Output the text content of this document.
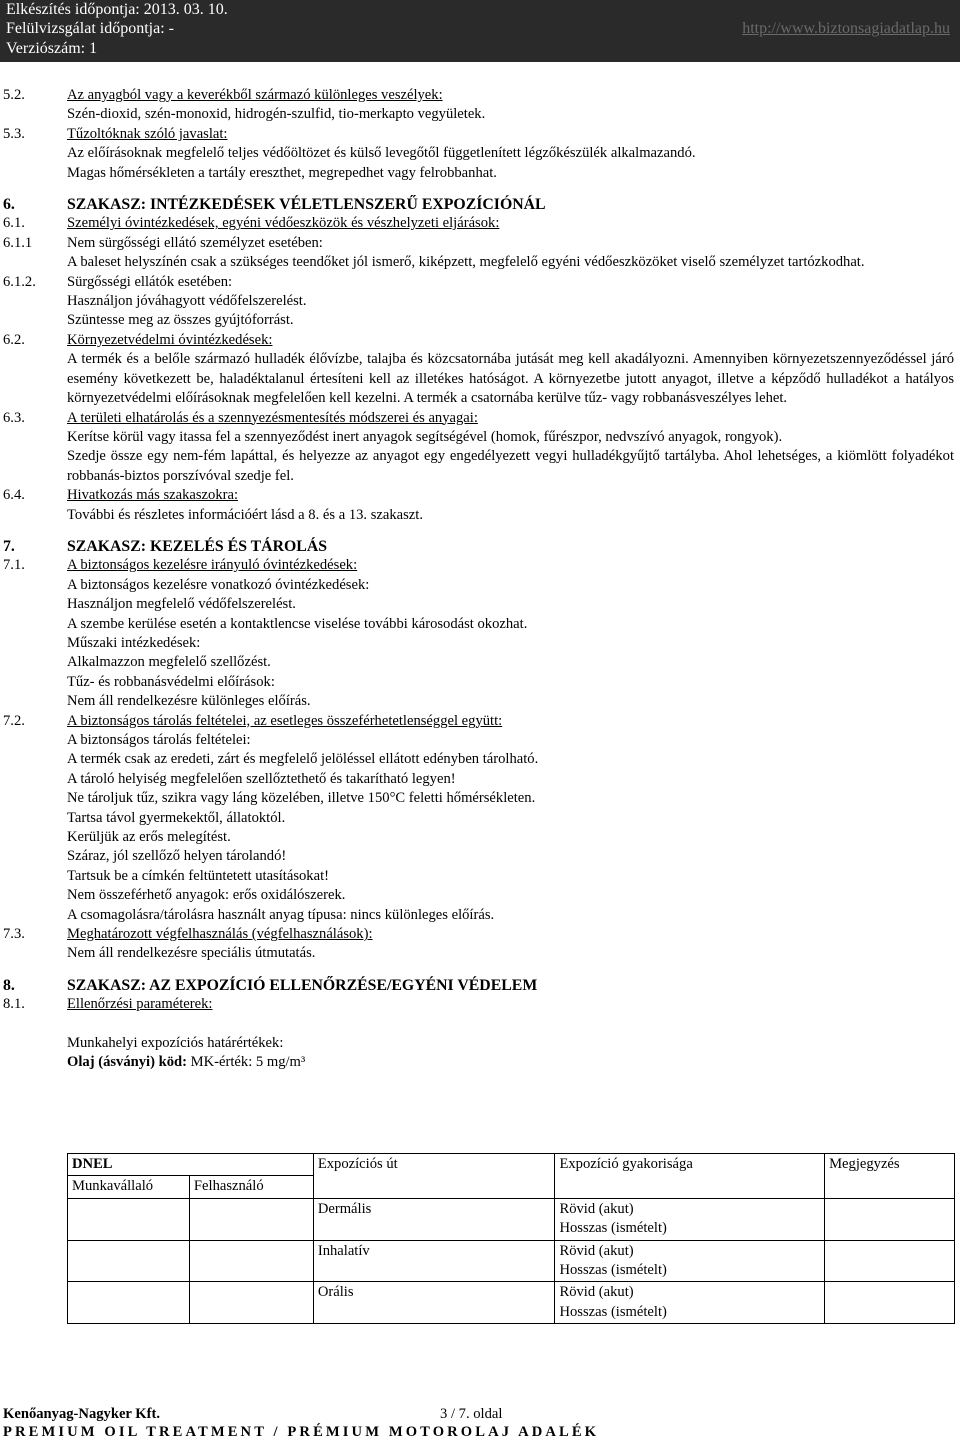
Elkészítés időpontja: 2013. 03. 10.
Felülvizsgálat időpontja: -
Verziószám: 1
http://www.biztonsagiadatlap.hu
5.2.	Az anyagból vagy a keverékből származó különleges veszélyek:
Szén-dioxid, szén-monoxid, hidrogén-szulfid, tio-merkapto vegyületek.
5.3.	Tűzoltóknak szóló javaslat:
Az előírásoknak megfelelő teljes védőöltözet és külső levegőtől függetlenített légzőkészülék alkalmazandó.
Magas hőmérsékleten a tartály ereszthet, megrepedhet vagy felrobbanhat.
6.	SZAKASZ: INTÉZKEDÉSEK VÉLETLENSZERŰ EXPOZÍCIÓNÁL
6.1.	Személyi óvintézkedések, egyéni védőeszközök és vészhelyzeti eljárások:
6.1.1 Nem sürgősségi ellátó személyzet esetében:
A baleset helyszínén csak a szükséges teendőket jól ismerő, kiképzett, megfelelő egyéni védőeszközöket viselő személyzet tartózkodhat.
6.1.2. Sürgősségi ellátók esetében:
Használjon jóváhagyott védőfelszerelést.
Szüntesse meg az összes gyújtóforrást.
6.2.	Környezetvédelmi óvintézkedések:
A termék és a belőle származó hulladék élővízbe, talajba és közcsatornába jutását meg kell akadályozni. Amennyiben környezetszennyeződéssel járó esemény következett be, haladéktalanul értesíteni kell az illetékes hatóságot. A környezetbe jutott anyagot, illetve a képződő hulladékot a hatályos környezetvédelmi előírásoknak megfelelően kell kezelni. A termék a csatornába kerülve tűz- vagy robbanásveszélyes lehet.
6.3.	A területi elhatárolás és a szennyezésmentesítés módszerei és anyagai:
Kerítse körül vagy itassa fel a szennyeződést inert anyagok segítségével (homok, fűrészpor, nedvszívó anyagok, rongyok).
Szedje össze egy nem-fém lapáttal, és helyezze az anyagot egy engedélyezett vegyi hulladékgyűjtő tartályba. Ahol lehetséges, a kiömlött folyadékot robbanás-biztos porszívóval szedje fel.
6.4.	Hivatkozás más szakaszokra:
További és részletes információért lásd a 8. és a 13. szakaszt.
7.	SZAKASZ: KEZELÉS ÉS TÁROLÁS
7.1.	A biztonságos kezelésre irányuló óvintézkedések:
A biztonságos kezelésre vonatkozó óvintézkedések:
Használjon megfelelő védőfelszerelést.
A szembe kerülése esetén a kontaktlencse viselése további károsodást okozhat.
Műszaki intézkedések:
Alkalmazzon megfelelő szellőzést.
Tűz- és robbanásvédelmi előírások:
Nem áll rendelkezésre különleges előírás.
7.2.	A biztonságos tárolás feltételei, az esetleges összeférhetetlenséggel együtt:
A biztonságos tárolás feltételei:
A termék csak az eredeti, zárt és megfelelő jelöléssel ellátott edényben tárolható.
A tároló helyiség megfelelően szellőztethető és takarítható legyen!
Ne tároljuk tűz, szikra vagy láng közelében, illetve 150°C feletti hőmérsékleten.
Tartsa távol gyermekektől, állatoktól.
Kerüljük az erős melegítést.
Száraz, jól szellőző helyen tárolandó!
Tartsuk be a címkén feltüntetett utasításokat!
Nem összeférhető anyagok: erős oxidálószerek.
A csomagolásra/tárolásra használt anyag típusa: nincs különleges előírás.
7.3.	Meghatározott végfelhasználás (végfelhasználások):
Nem áll rendelkezésre speciális útmutatás.
8.	SZAKASZ: AZ EXPOZÍCIÓ ELLENŐRZÉSE/EGYÉNI VÉDELEM
8.1.	Ellenőrzési paraméterek:
Munkahelyi expozíciós határértékek:
Olaj (ásványi) köd: MK-érték: 5 mg/m³
DNEL		Expozíciós út	Expozíció gyakorisága	Megjegyzés
Munkavállaló	Felhasználó			
		Dermális	Rövid (akut)
Hosszas (ismételt)	

		Inhalatív	Rövid (akut)
Hosszas (ismételt)	

		Orális	Rövid (akut)
Hosszas (ismételt)	

Kenőanyag-Nagyker Kft.	3 / 7. oldal
PREMIUM OIL TREATMENT / PRÉMIUM MOTOROLAJ ADALÉK
